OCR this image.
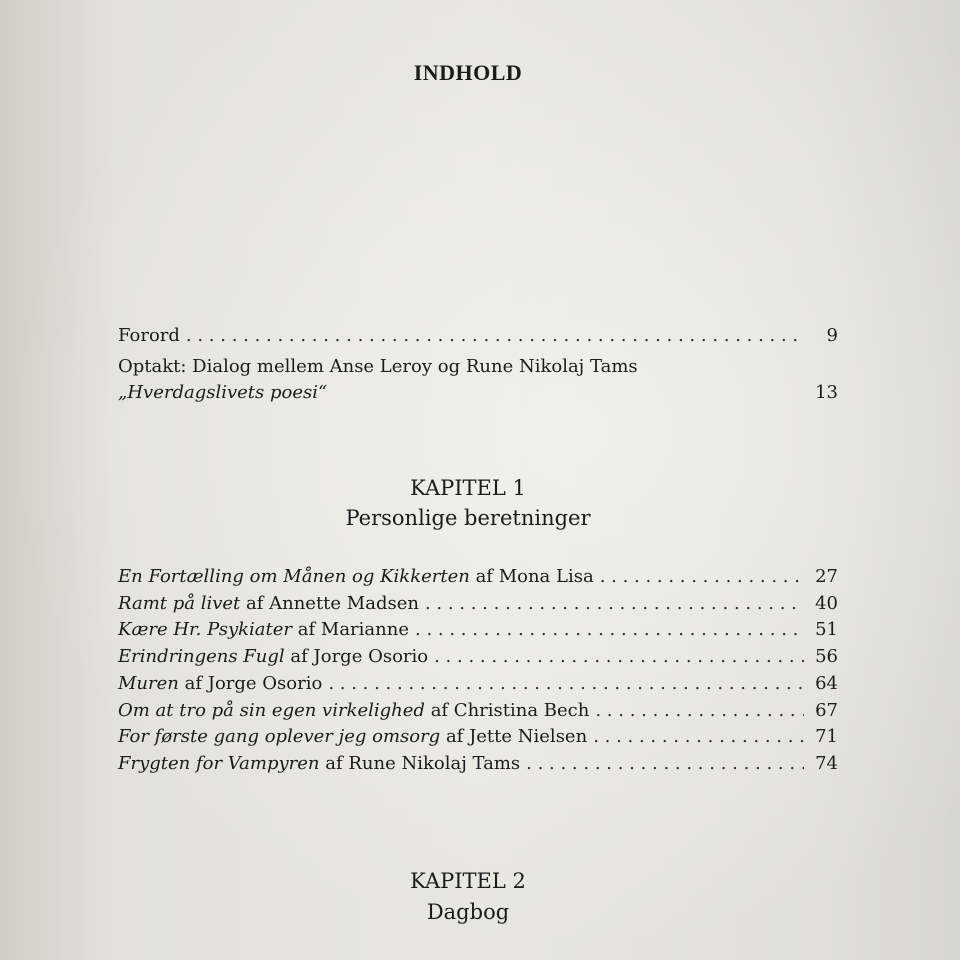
INDHOLD
Forord . . .	9
Optakt: Dialog mellem Anse Leroy og Rune Nikolaj Tams
„Hverdagslivets poesi“	13
KAPITEL 1
Personlige beretninger
En Fortælling om Månen og Kikkerten af Mona Lisa . . .	27
Ramt på livet af Annette Madsen . . .	40
Kære Hr. Psykiater af Marianne . . .	51
Erindringens Fugl af Jorge Osorio . . .	56
Muren af Jorge Osorio . . .	64
Om at tro på sin egen virkelighed af Christina Bech . . .	67
For første gang oplever jeg omsorg af Jette Nielsen . . .	71
Frygten for Vampyren af Rune Nikolaj Tams . . .	74
KAPITEL 2
Dagbog
